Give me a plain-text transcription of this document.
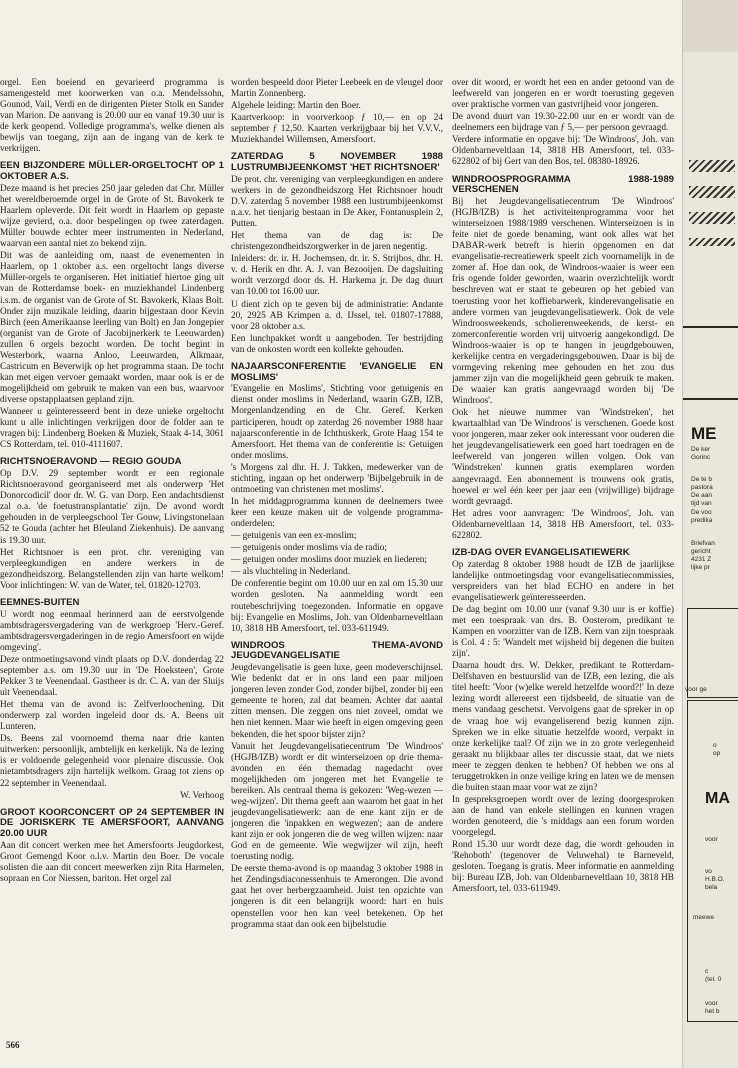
orgel. Een boeiend en gevarieerd programma is samengesteld met koorwerken van o.a. Mendelssohn, Gounod, Vail, Verdi en de dirigenten Pieter Stolk en Sander van Marion. De aanvang is 20.00 uur en vanaf 19.30 uur is de kerk geopend. Volledige programma's, welke dienen als bewijs van toegang, zijn aan de ingang van de kerk te verkrijgen.

EEN BIJZONDERE MÜLLER-ORGELTOCHT OP 1 OKTOBER A.S.

Deze maand is het precies 250 jaar geleden dat Chr. Müller het wereldberoemde orgel in de Grote of St. Bavokerk te Haarlem opleverde. Dit feit wordt in Haarlem op gepaste wijze gevierd, o.a. door bespelingen op twee zaterdagen. Müller bouwde echter meer instrumenten in Nederland, waarvan een aantal niet zo bekend zijn.

Dit was de aanleiding om, naast de evenementen in Haarlem, op 1 oktober a.s. een orgeltocht langs diverse Müller-orgels te organiseren. Het initiatief hiertoe ging uit van de Rotterdamse boek- en muziekhandel Lindenberg i.s.m. de organist van de Grote of St. Bavokerk, Klaas Bolt. Onder zijn muzikale leiding, daarin bijgestaan door Kevin Birch (een Amerikaanse leerling van Bolt) en Jan Jongepier (organist van de Grote of Jacobijnerkerk te Leeuwarden) zullen 6 orgels bezocht worden. De tocht begint in Westerbork, waarna Anloo, Leeuwarden, Alkmaar, Castricum en Beverwijk op het programma staan. De tocht kan met eigen vervoer gemaakt worden, maar ook is er de mogelijkheid om gebruik te maken van een bus, waarvoor diverse opstapplaatsen gepland zijn.

Wanneer u geïnteresseerd bent in deze unieke orgeltocht kunt u alle inlichtingen verkrijgen door de folder aan te vragen bij: Lindenberg Boeken & Muziek, Staak 4-14, 3061 CS Rotterdam, tel. 010-4111607.

RICHTSNOERAVOND — REGIO GOUDA

Op D.V. 29 september wordt er een regionale Richtsnoeravond georganiseerd met als onderwerp 'Het Donorcodicil' door dr. W. G. van Dorp. Een andachtsdienst zal o.a. 'de foetustransplantatie' zijn. De avond wordt gehouden in de verpleegschool Ter Gouw, Livingstonelaan 52 te Gouda (achter het Bleuland Ziekenhuis). De aanvang is 19.30 uur.

Het Richtsnoer is een prot. chr. vereniging van verpleegkundigen en andere werkers in de gezondheidszorg. Belangstellenden zijn van harte welkom! Voor inlichtingen: W. van de Water, tel. 01820-12703.

EEMNES-BUITEN

U wordt nog eenmaal herinnerd aan de eerstvolgende ambtsdragersvergadering van de werkgroep 'Herv.-Geref. ambtsdragersvergaderingen in de regio Amersfoort en wijde omgeving'.

Deze ontmoetingsavond vindt plaats op D.V. donderdag 22 september a.s. om 19.30 uur in 'De Hoeksteen', Grote Pekker 3 te Veenendaal. Gastheer is dr. C. A. van der Sluijs uit Veenendaal.

Het thema van de avond is: Zelfverloochening. Dit onderwerp zal worden ingeleid door ds. A. Beens uit Lunteren.

Ds. Beens zal voornoemd thema naar drie kanten uitwerken: persoonlijk, ambtelijk en kerkelijk. Na de lezing is er voldoende gelegenheid voor plenaire discussie. Ook nietambtsdragers zijn hartelijk welkom. Graag tot ziens op 22 september in Veenendaal.

W. Verhoog

GROOT KOORCONCERT OP 24 SEPTEMBER IN DE JORISKERK TE AMERSFOORT, AANVANG 20.00 UUR

Aan dit concert werken mee het Amersfoorts Jeugdorkest, Groot Gemengd Koor o.l.v. Martin den Boer. De vocale solisten die aan dit concert meewerken zijn Rita Harmelen, sopraan en Cor Niessen, bariton. Het orgel zal

worden bespeeld door Pieter Leebeek en de vleugel door Martin Zonnenberg.

Algehele leiding: Martin den Boer.

Kaartverkoop: in voorverkoop ƒ 10,— en op 24 september ƒ 12,50. Kaarten verkrijgbaar bij het V.V.V., Muziekhandel Willemsen, Amersfoort.

ZATERDAG 5 NOVEMBER 1988 LUSTRUMBIJEENKOMST 'HET RICHTSNOER'

De prot. chr. vereniging van verpleegkundigen en andere werkers in de gezondheidszorg Het Richtsnoer houdt D.V. zaterdag 5 november 1988 een lustrumbijeenkomst n.a.v. het tienjarig bestaan in De Aker, Fontanusplein 2, Putten.

Het thema van de dag is: De christengezondheidszorgwerker in de jaren negentig.

Inleiders: dr. ir. H. Jochemsen, dr. ir. S. Strijbos, dhr. H. v. d. Herik en dhr. A. J. van Bezooijen. De dagsluiting wordt verzorgd door ds. H. Harkema jr. De dag duurt van 10.00 tot 16.00 uur.

U dient zich op te geven bij de administratie: Andante 20, 2925 AB Krimpen a. d. IJssel, tel. 01807-17888, voor 28 oktober a.s.

Een lunchpakket wordt u aangeboden. Ter bestrijding van de onkosten wordt een kollekte gehouden.

NAJAARSCONFERENTIE 'EVANGELIE EN MOSLIMS'

'Evangelie en Moslims', Stichting voor getuigenis en dienst onder moslims in Nederland, waarin GZB, IZB, Morgenlandzending en de Chr. Geref. Kerken participeren, houdt op zaterdag 26 november 1988 haar najaarsconferentie in de Ichthuskerk, Grote Haag 154 te Amersfoort. Het thema van de conferentie is: Getuigen onder moslims.

's Morgens zal dhr. H. J. Takken, medewerker van de stichting, ingaan op het onderwerp 'Bijbelgebruik in de ontmoeting van christenen met moslims'.

In het middagprogramma kunnen de deelnemers twee keer een keuze maken uit de volgende programma-onderdelen:

— getuigenis van een ex-moslim;

— getuigenis onder moslims via de radio;

— getuigen onder moslims door muziek en liederen;

— als vluchteling in Nederland.

De conferentie begint om 10.00 uur en zal om 15.30 uur worden gesloten. Na aanmelding wordt een routebeschrijving toegezonden. Informatie en opgave bij: Evangelie en Moslims, Joh. van Oldenbarneveltlaan 10, 3818 HB Amersfoort, tel. 033-611949.

WINDROOS THEMA-AVOND JEUGDEVANGELISATIE

Jeugdevangelisatie is geen luxe, geen modeverschijnsel. Wie bedenkt dat er in ons land een paar miljoen jongeren leven zonder God, zonder bijbel, zonder bij een gemeente te horen, zal dat beamen. Achter dat aantal zitten mensen. Die zeggen ons niet zoveel, omdat we hen niet kennen. Maar wie heeft in eigen omgeving geen bekenden, die het spoor bijster zijn?

Vanuit het Jeugdevangelisatiecentrum 'De Windroos' (HGJB/IZB) wordt er dit winterseizoen op drie thema-avonden en één themadag nagedacht over mogelijkheden om jongeren met het Evangelie te bereiken. Als centraal thema is gekozen: 'Weg-wezen — weg-wijzen'. Dit thema geeft aan waarom het gaat in het jeugdevangelisatiewerk: aan de ene kant zijn er de jongeren die 'inpakken en wegwezen'; aan de andere kant zijn er ook jongeren die de weg willen wijzen: naar God en de gemeente. Wie wegwijzer wil zijn, heeft toerusting nodig.

De eerste thema-avond is op maandag 3 oktober 1988 in het Zendingsdiaconessenhuis te Amerongen. Die avond gaat het over herbergzaamheid. Juist ten opzichte van jongeren is dit een belangrijk woord: hart en huis openstellen voor hen kan veel betekenen. Op het programma staat dan ook een bijbelstudie

over dit woord, er wordt het een en ander getoond van de leefwereld van jongeren en er wordt toerusting gegeven over praktische vormen van gastvrijheid voor jongeren.

De avond duurt van 19.30-22.00 uur en er wordt van de deelnemers een bijdrage van ƒ 5,— per persoon gevraagd.

Verdere informatie en opgave bij: 'De Windroos', Joh. van Oldenbarneveltlaan 14, 3818 HB Amersfoort, tel. 033-622802 of bij Gert van den Bos, tel. 08380-18926.

WINDROOSPROGRAMMA 1988-1989 VERSCHENEN

Bij het Jeugdevangelisatiecentrum 'De Windroos' (HGJB/IZB) is het activiteitenprogramma voor het winterseizoen 1988/1989 verschenen. Winterseizoen is in feite niet de goede benaming, want ook alles wat het DABAR-werk betreft is hierin opgenomen en dat evangelisatie-recreatiewerk speelt zich voornamelijk in de zomer af. Hoe dan ook, de Windroos-waaier is weer een fris ogende folder geworden, waarin overzichtelijk wordt beschreven wat er staat te gebeuren op het gebied van toerusting voor het koffiebarwerk, kinderevangelisatie en andere vormen van jeugdevangelisatiewerk. Ook de vele Windroosweekends, scholierenweekends, de kerst- en zomerconferentie worden vrij uitvoerig aangekondigd. De Windroos-waaier is op te hangen in jeugdgebouwen, kerkelijke centra en vergaderingsgebouwen. Daar is bij de vormgeving rekening mee gehouden en het zou dus jammer zijn van die mogelijkheid geen gebruik te maken. De waaier kan gratis aangevraagd worden bij 'De Windroos'.

Ook het nieuwe nummer van 'Windstreken', het kwartaalblad van 'De Windroos' is verschenen. Goede kost voor jongeren, maar zeker ook interessant voor ouderen die het jeugdevangelisatiewerk een goed hart toedragen en de leefwereld van jongeren willen volgen. Ook van 'Windstreken' kunnen gratis exemplaren worden aangevraagd. Een abonnement is trouwens ook gratis, hoewel er wel één keer per jaar een (vrijwillige) bijdrage wordt gevraagd.

Het adres voor aanvragen: 'De Windroos', Joh. van Oldenbarneveltlaan 14, 3818 HB Amersfoort, tel. 033-622802.

IZB-DAG OVER EVANGELISATIEWERK

Op zaterdag 8 oktober 1988 houdt de IZB de jaarlijkse landelijke ontmoetingsdag voor evangelisatiecommissies, verspreiders van het blad ECHO en andere in het evangelisatiewerk geïnteresseerden.

De dag begint om 10.00 uur (vanaf 9.30 uur is er koffie) met een toespraak van drs. B. Oosterom, predikant te Kampen en voorzitter van de IZB. Kern van zijn toespraak is Col. 4 : 5: 'Wandelt met wijsheid bij degenen die buiten zijn'.

Daarna houdt drs. W. Dekker, predikant te Rotterdam-Delfshaven en bestuurslid van de IZB, een lezing, die als titel heeft: 'Voor (w)elke wereld hetzelfde woord?!' In deze lezing wordt allereerst een tijdsbeeld, de situatie van de mens vandaag geschetst. Vervolgens gaat de spreker in op de vraag hoe wij evangeliserend bezig kunnen zijn. Spreken we in elke situatie hetzelfde woord, verpakt in onze kerkelijke taal? Of zijn we in zo grote verlegenheid geraakt nu blijkbaar alles ter discussie staat, dat we niets meer te zeggen denken te hebben? Of hebben we ons al teruggetrokken in onze veilige kring en laten we de mensen die buiten staan maar voor wat ze zijn?

In gespreksgroepen wordt over de lezing doorgesproken aan de hand van enkele stellingen en kunnen vragen worden genoteerd, die 's middags aan een forum worden voorgelegd.

Rond 15.30 uur wordt deze dag, die wordt gehouden in 'Rehoboth' (tegenover de Veluwehal) te Barneveld, gesloten. Toegang is gratis. Meer informatie en aanmelding bij: Bureau IZB, Joh. van Oldenbarneveltlaan 10, 3818 HB Amersfoort, tel. 033-611949.

566
ME
De ker
Gorinc
De te b
pastora
De aan
tijd van
De voo
predika
Briefvan
gericht
4231 Z
lijke pr
voor ge
o
op
MA
voor
vo
H.B.O.
bela
meewe
c
(tel. 0
voor
het b
